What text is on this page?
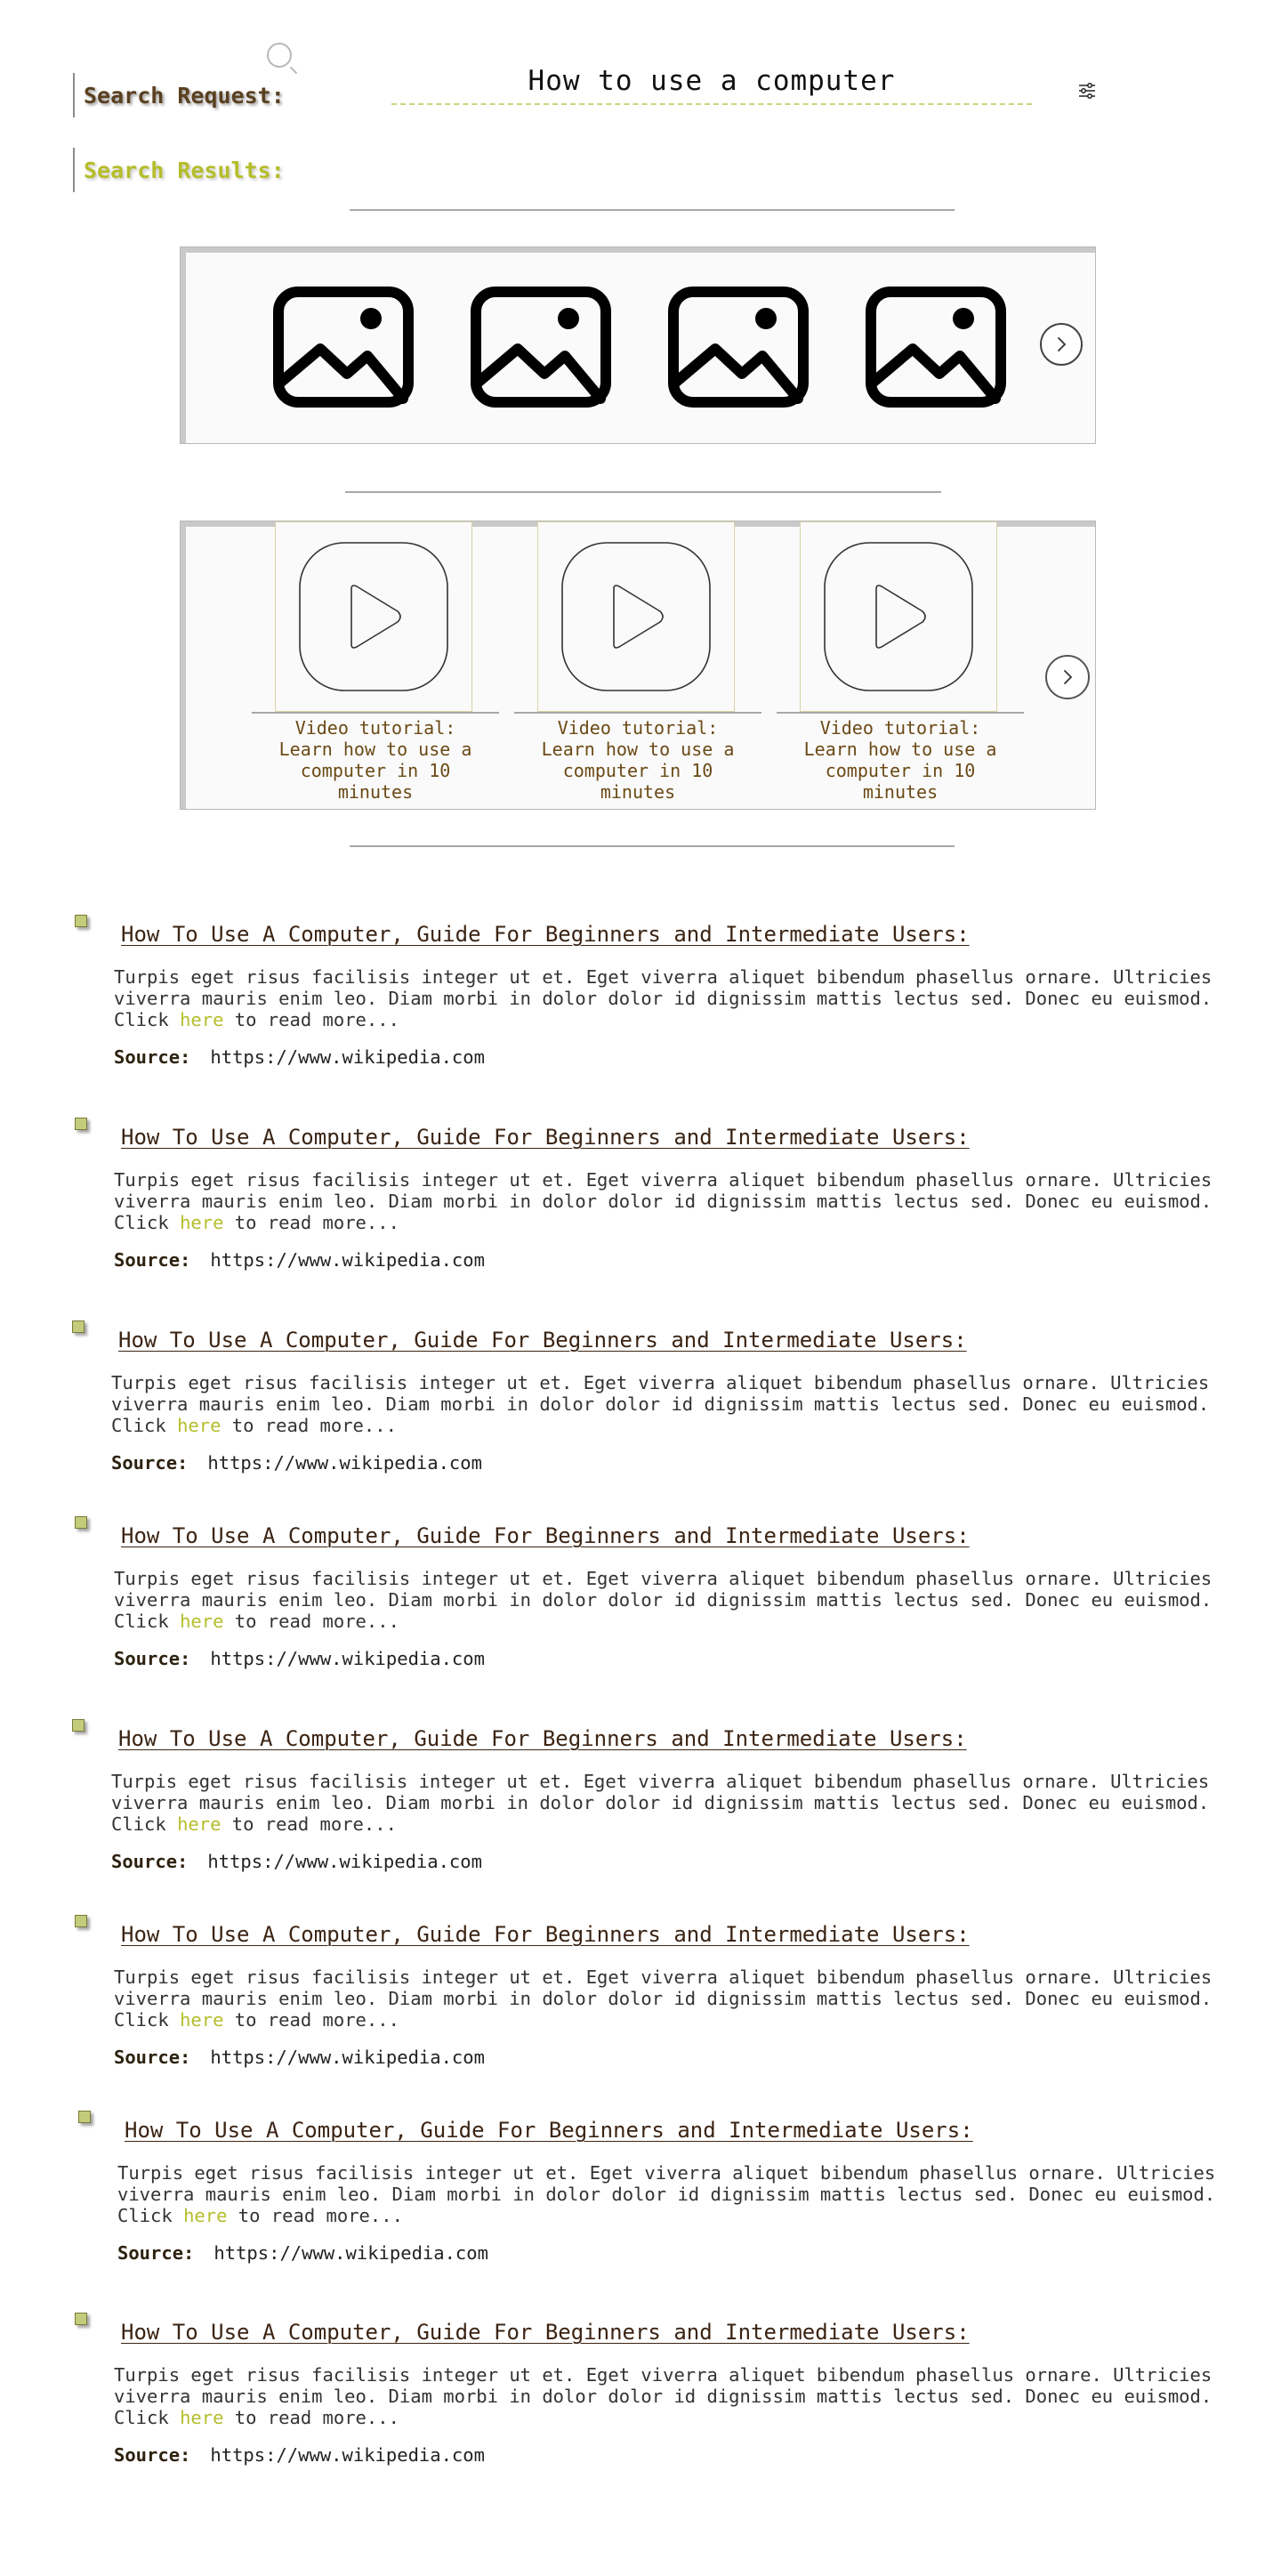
Search Request:	How to use a computer
Search Results:
Video tutorial: Learn how to use a computer in 10 minutes
Video tutorial: Learn how to use a computer in 10 minutes
Video tutorial: Learn how to use a computer in 10 minutes
How To Use A Computer, Guide For Beginners and Intermediate Users:
Turpis eget risus facilisis integer ut et. Eget viverra aliquet bibendum phasellus ornare. Ultricies viverra mauris enim leo. Diam morbi in dolor dolor id dignissim mattis lectus sed. Donec eu euismod. Click here to read more...
Source: https://www.wikipedia.com
How To Use A Computer, Guide For Beginners and Intermediate Users:
Turpis eget risus facilisis integer ut et. Eget viverra aliquet bibendum phasellus ornare. Ultricies viverra mauris enim leo. Diam morbi in dolor dolor id dignissim mattis lectus sed. Donec eu euismod. Click here to read more...
Source: https://www.wikipedia.com
How To Use A Computer, Guide For Beginners and Intermediate Users:
Turpis eget risus facilisis integer ut et. Eget viverra aliquet bibendum phasellus ornare. Ultricies viverra mauris enim leo. Diam morbi in dolor dolor id dignissim mattis lectus sed. Donec eu euismod. Click here to read more...
Source: https://www.wikipedia.com
How To Use A Computer, Guide For Beginners and Intermediate Users:
Turpis eget risus facilisis integer ut et. Eget viverra aliquet bibendum phasellus ornare. Ultricies viverra mauris enim leo. Diam morbi in dolor dolor id dignissim mattis lectus sed. Donec eu euismod. Click here to read more...
Source: https://www.wikipedia.com
How To Use A Computer, Guide For Beginners and Intermediate Users:
Turpis eget risus facilisis integer ut et. Eget viverra aliquet bibendum phasellus ornare. Ultricies viverra mauris enim leo. Diam morbi in dolor dolor id dignissim mattis lectus sed. Donec eu euismod. Click here to read more...
Source: https://www.wikipedia.com
How To Use A Computer, Guide For Beginners and Intermediate Users:
Turpis eget risus facilisis integer ut et. Eget viverra aliquet bibendum phasellus ornare. Ultricies viverra mauris enim leo. Diam morbi in dolor dolor id dignissim mattis lectus sed. Donec eu euismod. Click here to read more...
Source: https://www.wikipedia.com
How To Use A Computer, Guide For Beginners and Intermediate Users:
Turpis eget risus facilisis integer ut et. Eget viverra aliquet bibendum phasellus ornare. Ultricies viverra mauris enim leo. Diam morbi in dolor dolor id dignissim mattis lectus sed. Donec eu euismod. Click here to read more...
Source: https://www.wikipedia.com
How To Use A Computer, Guide For Beginners and Intermediate Users:
Turpis eget risus facilisis integer ut et. Eget viverra aliquet bibendum phasellus ornare. Ultricies viverra mauris enim leo. Diam morbi in dolor dolor id dignissim mattis lectus sed. Donec eu euismod. Click here to read more...
Source: https://www.wikipedia.com
